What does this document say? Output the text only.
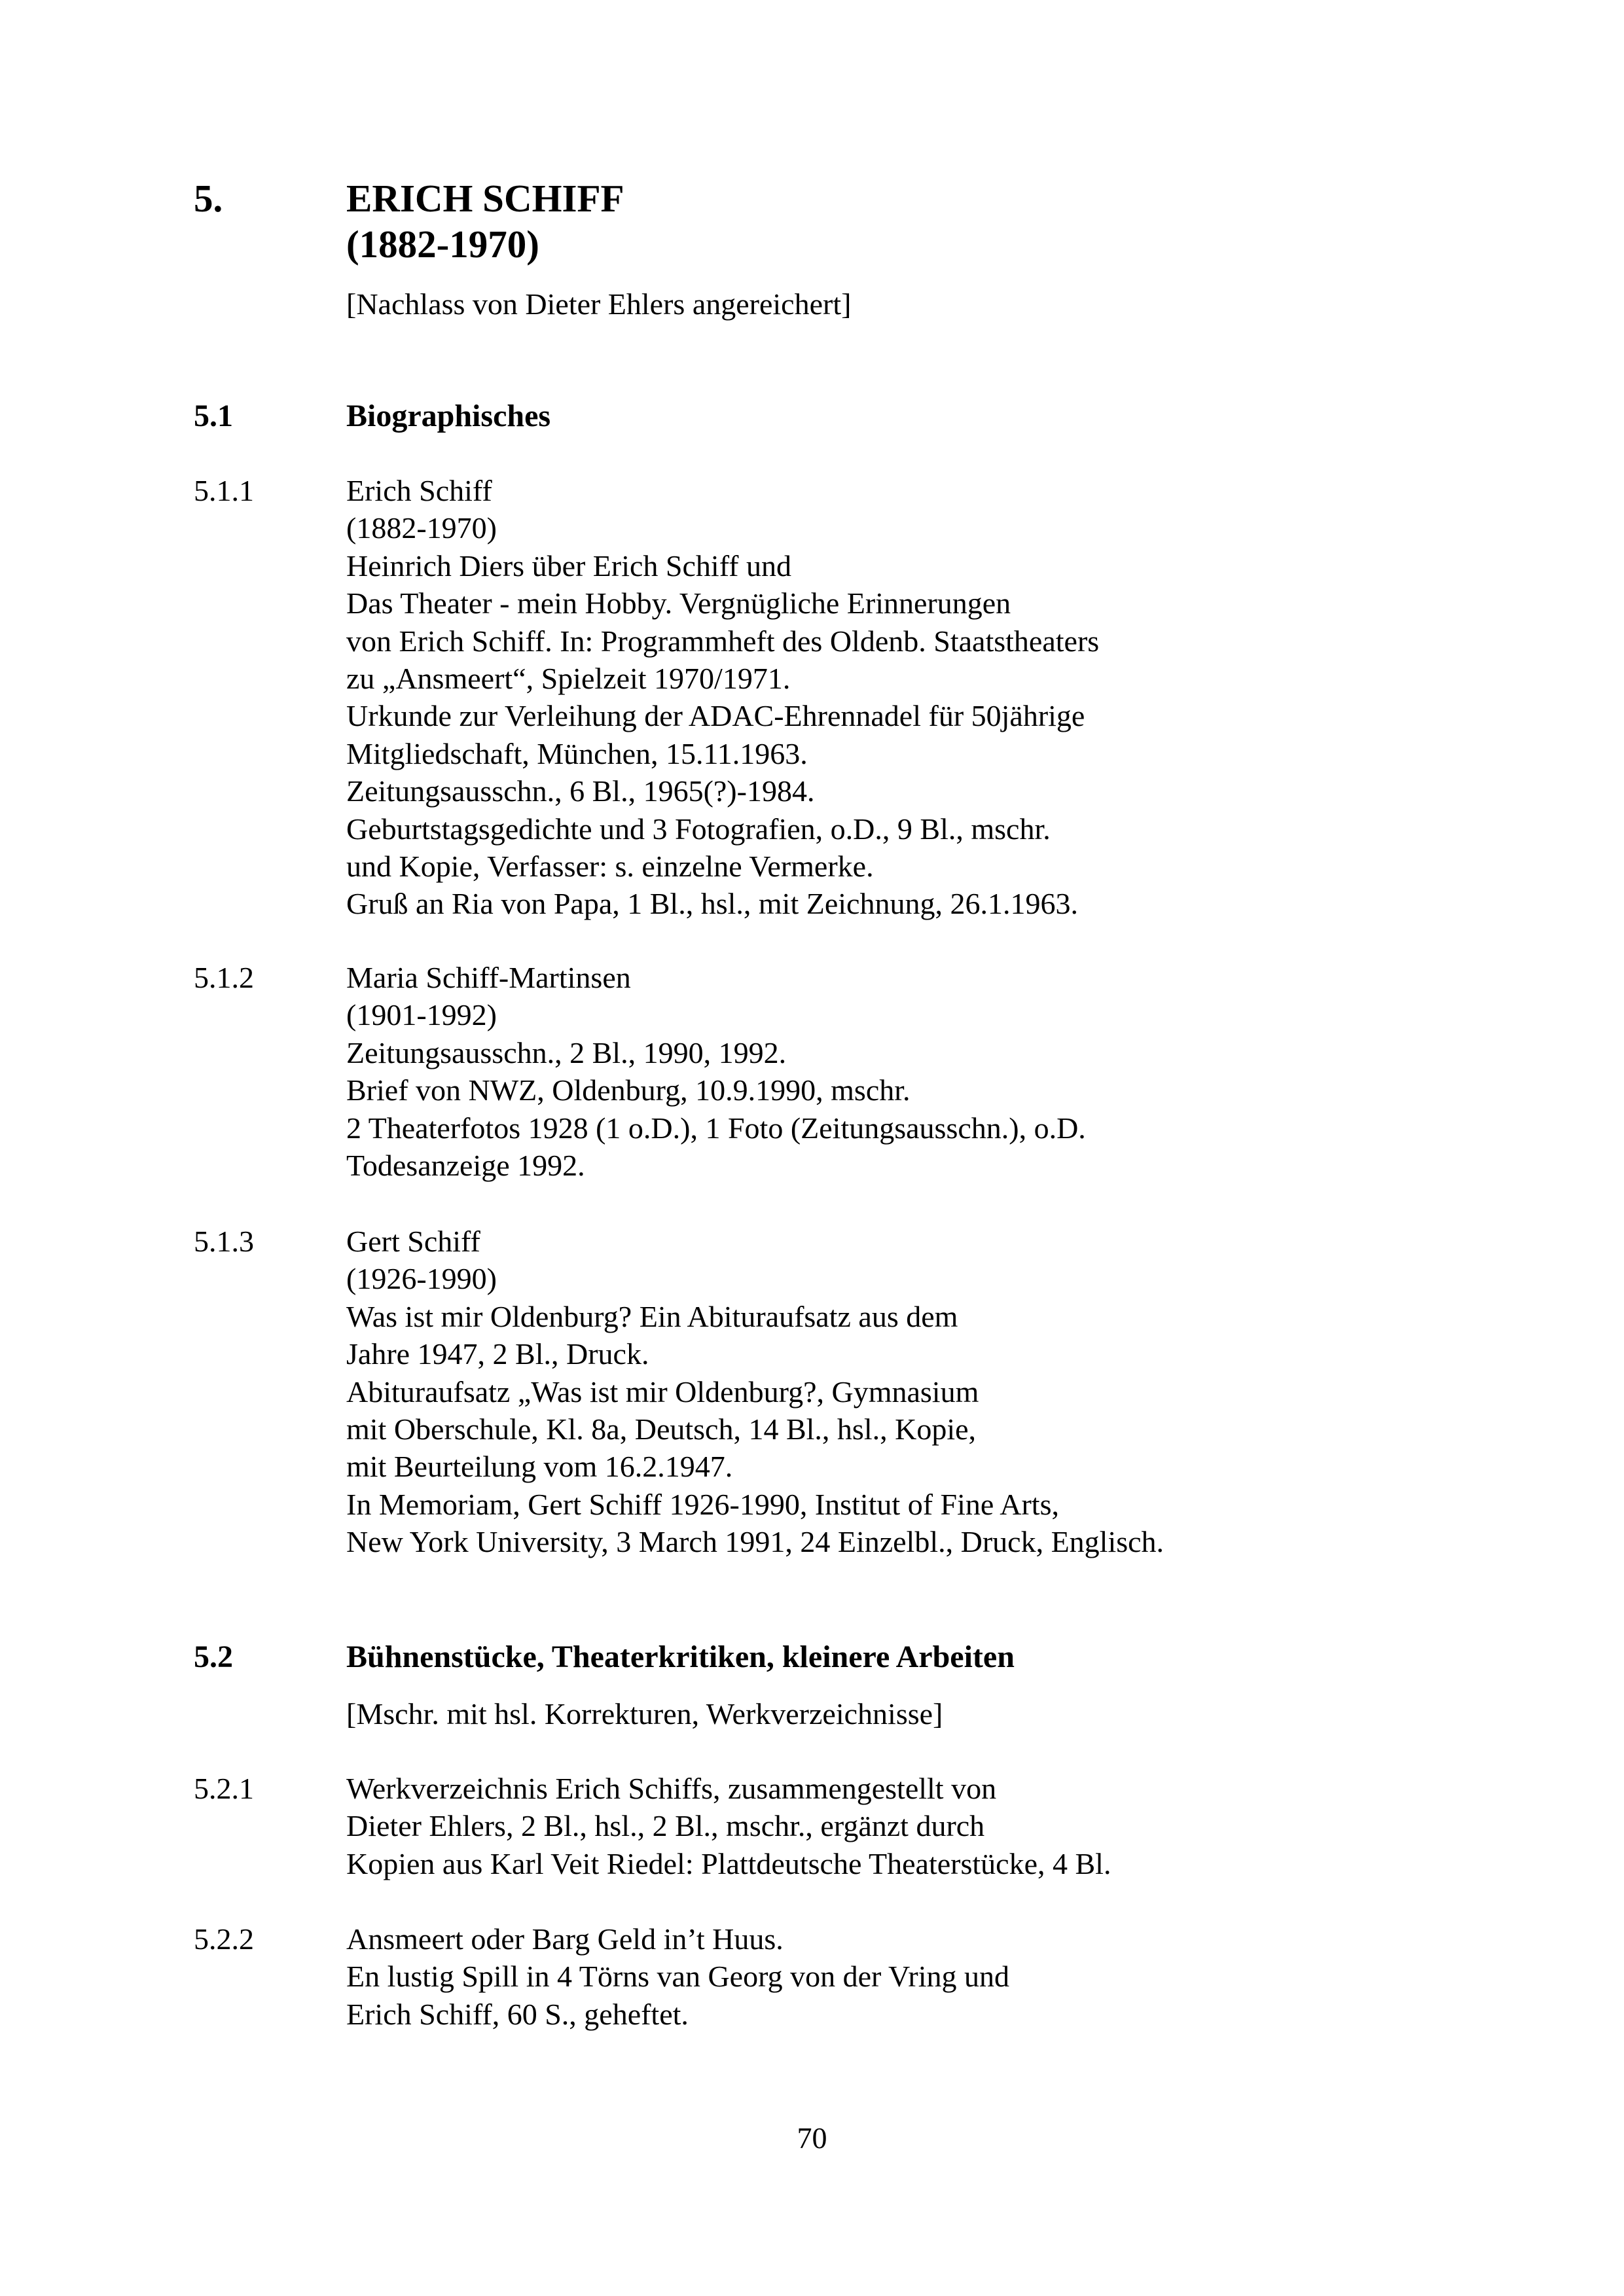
5.	ERICH SCHIFF
(1882-1970)
[Nachlass von Dieter Ehlers angereichert]
5.1	Biographisches
5.1.1	Erich Schiff
(1882-1970)
Heinrich Diers über Erich Schiff und
Das Theater - mein Hobby. Vergnügliche Erinnerungen
von Erich Schiff. In: Programmheft des Oldenb. Staatstheaters
zu „Ansmeert“, Spielzeit 1970/1971.
Urkunde zur Verleihung der ADAC-Ehrennadel für 50jährige
Mitgliedschaft, München, 15.11.1963.
Zeitungsausschn., 6 Bl., 1965(?)-1984.
Geburtstagsgedichte und 3 Fotografien, o.D., 9 Bl., mschr.
und Kopie, Verfasser: s. einzelne Vermerke.
Gruß an Ria von Papa, 1 Bl., hsl., mit Zeichnung, 26.1.1963.
5.1.2	Maria Schiff-Martinsen
(1901-1992)
Zeitungsausschn., 2 Bl., 1990, 1992.
Brief von NWZ, Oldenburg, 10.9.1990, mschr.
2 Theaterfotos 1928 (1 o.D.), 1 Foto (Zeitungsausschn.), o.D.
Todesanzeige 1992.
5.1.3	Gert Schiff
(1926-1990)
Was ist mir Oldenburg? Ein Abituraufsatz aus dem
Jahre 1947, 2 Bl., Druck.
Abituraufsatz „Was ist mir Oldenburg?, Gymnasium
mit Oberschule, Kl. 8a, Deutsch, 14 Bl., hsl., Kopie,
mit Beurteilung vom 16.2.1947.
In Memoriam, Gert Schiff 1926-1990, Institut of Fine Arts,
New York University, 3 March 1991, 24 Einzelbl., Druck, Englisch.
5.2	Bühnenstücke, Theaterkritiken, kleinere Arbeiten
[Mschr. mit hsl. Korrekturen, Werkverzeichnisse]
5.2.1	Werkverzeichnis Erich Schiffs, zusammengestellt von
Dieter Ehlers, 2 Bl., hsl., 2 Bl., mschr., ergänzt durch
Kopien aus Karl Veit Riedel: Plattdeutsche Theaterstücke, 4 Bl.
5.2.2	Ansmeert oder Barg Geld in’t Huus.
En lustig Spill in 4 Törns van Georg von der Vring und
Erich Schiff, 60 S., geheftet.
70
